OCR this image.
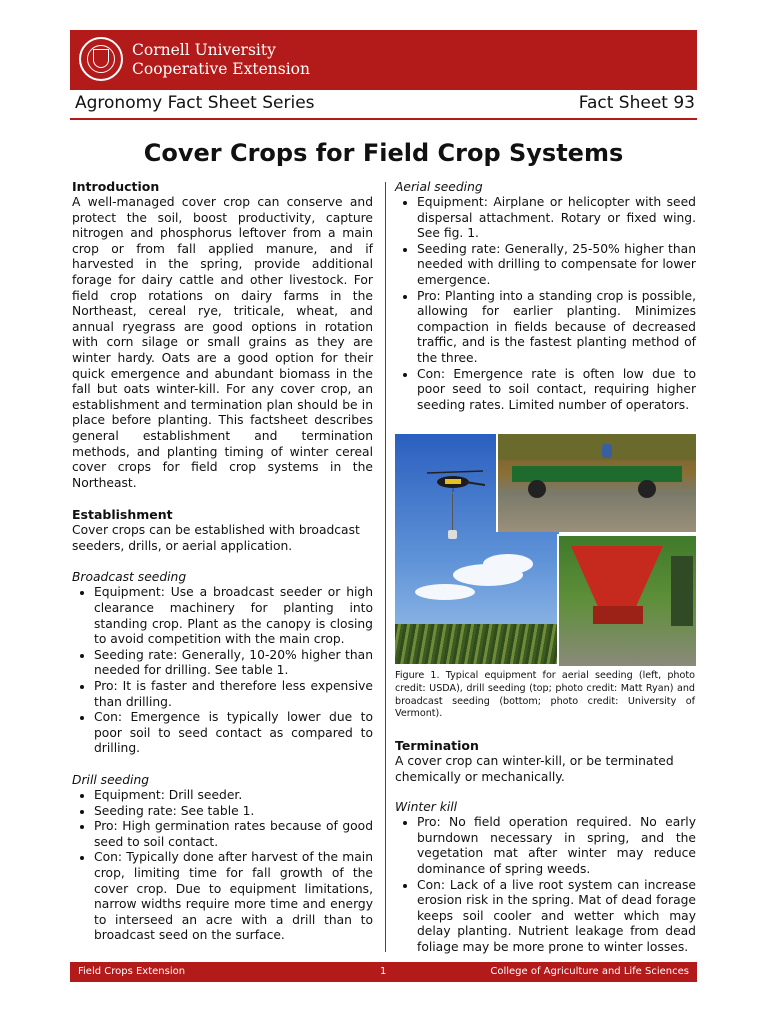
Cornell University
Cooperative Extension
Agronomy Fact Sheet Series	Fact Sheet 93
Cover Crops for Field Crop Systems
Introduction

A well-managed cover crop can conserve and protect the soil, boost productivity, capture nitrogen and phosphorus leftover from a main crop or from fall applied manure, and if harvested in the spring, provide additional forage for dairy cattle and other livestock. For field crop rotations on dairy farms in the Northeast, cereal rye, triticale, wheat, and annual ryegrass are good options in rotation with corn silage or small grains as they are winter hardy. Oats are a good option for their quick emergence and abundant biomass in the fall but oats winter-kill. For any cover crop, an establishment and termination plan should be in place before planting. This factsheet describes general establishment and termination methods, and planting timing of winter cereal cover crops for field crop systems in the Northeast.

Establishment

Cover crops can be established with broadcast seeders, drills, or aerial application.

Broadcast seeding
• Equipment: Use a broadcast seeder or high clearance machinery for planting into standing crop. Plant as the canopy is closing to avoid competition with the main crop.
• Seeding rate: Generally, 10-20% higher than needed for drilling. See table 1.
• Pro: It is faster and therefore less expensive than drilling.
• Con: Emergence is typically lower due to poor soil to seed contact as compared to drilling.
Drill seeding
• Equipment: Drill seeder.
• Seeding rate: See table 1.
• Pro: High germination rates because of good seed to soil contact.
• Con: Typically done after harvest of the main crop, limiting time for fall growth of the cover crop. Due to equipment limitations, narrow widths require more time and energy to interseed an acre with a drill than to broadcast seed on the surface.
Aerial seeding
• Equipment: Airplane or helicopter with seed dispersal attachment. Rotary or fixed wing. See fig. 1.
• Seeding rate: Generally, 25-50% higher than needed with drilling to compensate for lower emergence.
• Pro: Planting into a standing crop is possible, allowing for earlier planting. Minimizes compaction in fields because of decreased traffic, and is the fastest planting method of the three.
• Con: Emergence rate is often low due to poor seed to soil contact, requiring higher seeding rates. Limited number of operators.
Figure 1. Typical equipment for aerial seeding (left, photo credit: USDA), drill seeding (top; photo credit: Matt Ryan) and broadcast seeding (bottom; photo credit: University of Vermont).
Termination

A cover crop can winter-kill, or be terminated chemically or mechanically.

Winter kill
• Pro: No field operation required. No early burndown necessary in spring, and the vegetation mat after winter may reduce dominance of spring weeds.
• Con: Lack of a live root system can increase erosion risk in the spring. Mat of dead forage keeps soil cooler and wetter which may delay planting. Nutrient leakage from dead foliage may be more prone to winter losses.
Field Crops Extension	1	College of Agriculture and Life Sciences
